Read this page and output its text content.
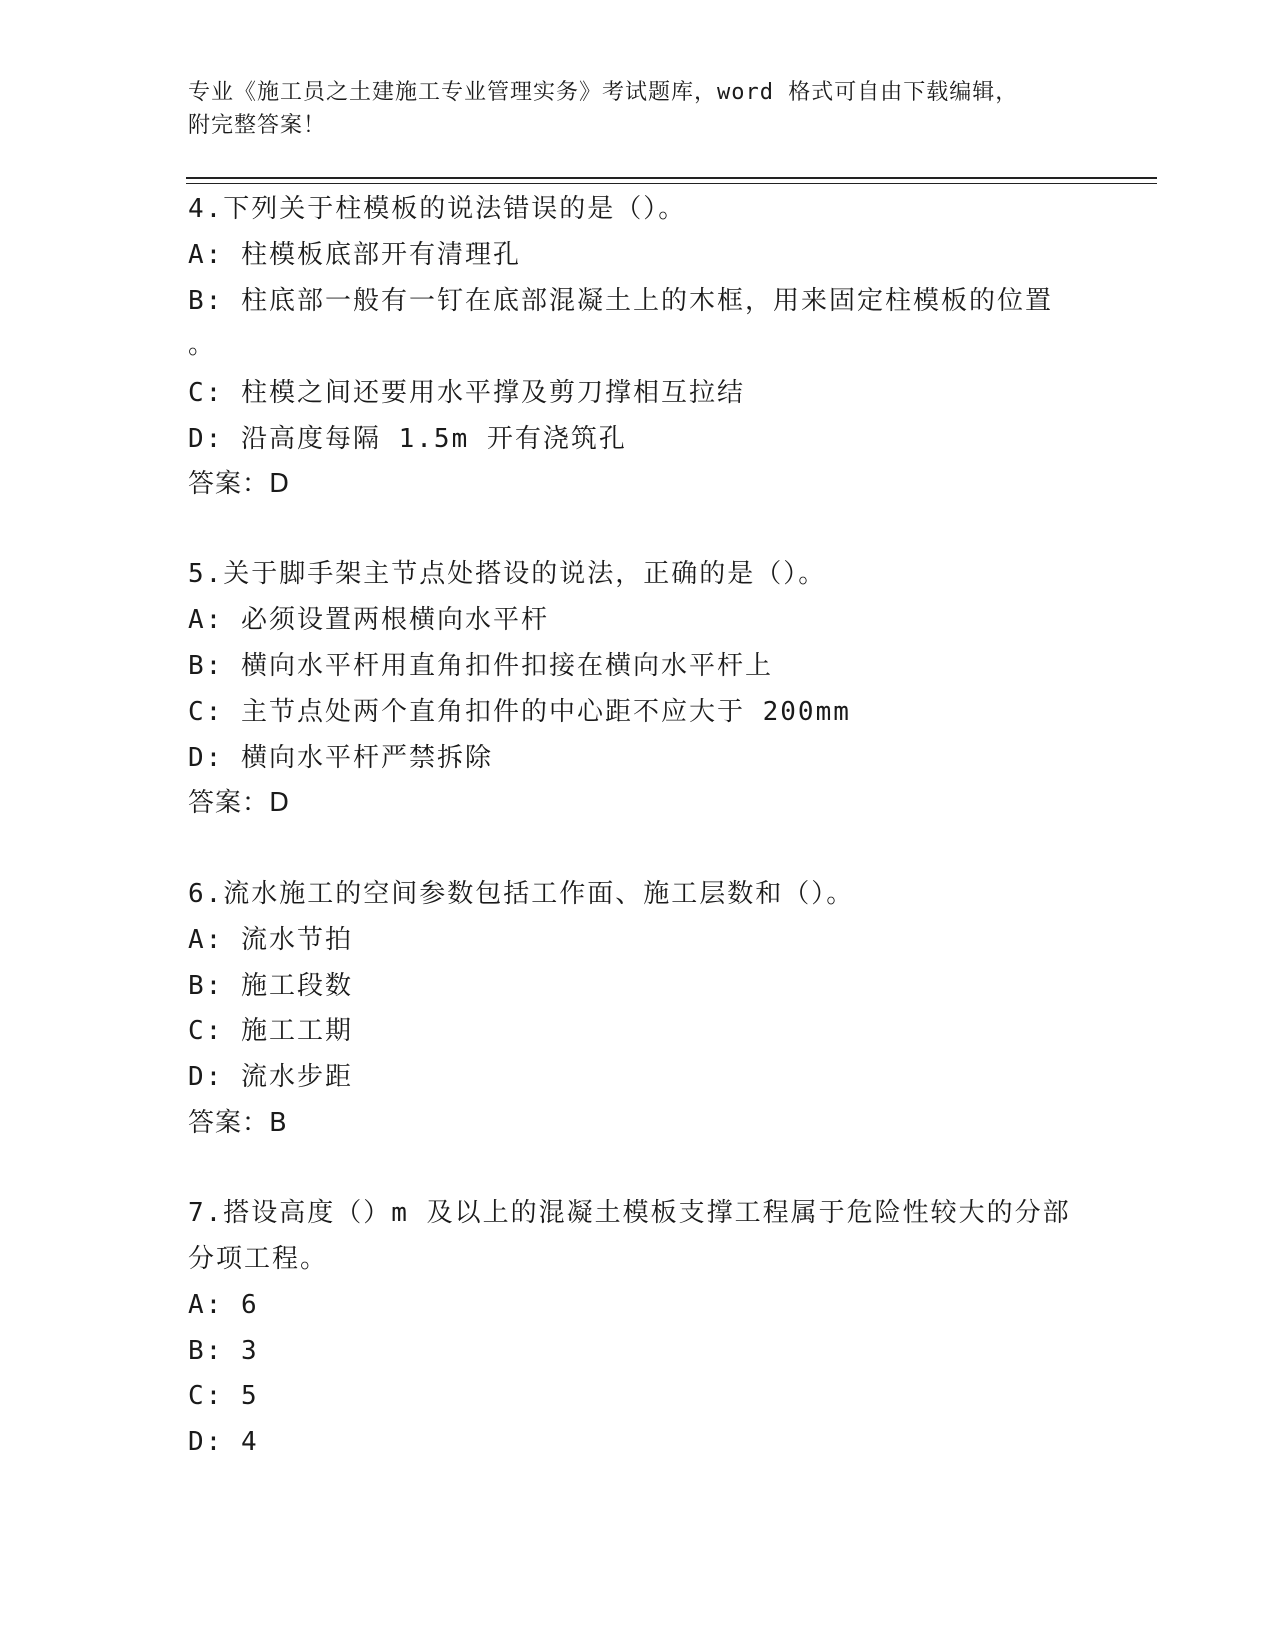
专业《施工员之土建施工专业管理实务》考试题库，word 格式可自由下载编辑，
附完整答案！
4.下列关于柱模板的说法错误的是（）。
A: 柱模板底部开有清理孔
B: 柱底部一般有一钉在底部混凝土上的木框，用来固定柱模板的位置
。
C: 柱模之间还要用水平撑及剪刀撑相互拉结
D: 沿高度每隔 1.5m 开有浇筑孔
答案：D
5.关于脚手架主节点处搭设的说法，正确的是（）。
A: 必须设置两根横向水平杆
B: 横向水平杆用直角扣件扣接在横向水平杆上
C: 主节点处两个直角扣件的中心距不应大于 200mm
D: 横向水平杆严禁拆除
答案：D
6.流水施工的空间参数包括工作面、施工层数和（）。
A: 流水节拍
B: 施工段数
C: 施工工期
D: 流水步距
答案：B
7.搭设高度（）m 及以上的混凝土模板支撑工程属于危险性较大的分部
分项工程。
A: 6
B: 3
C: 5
D: 4
